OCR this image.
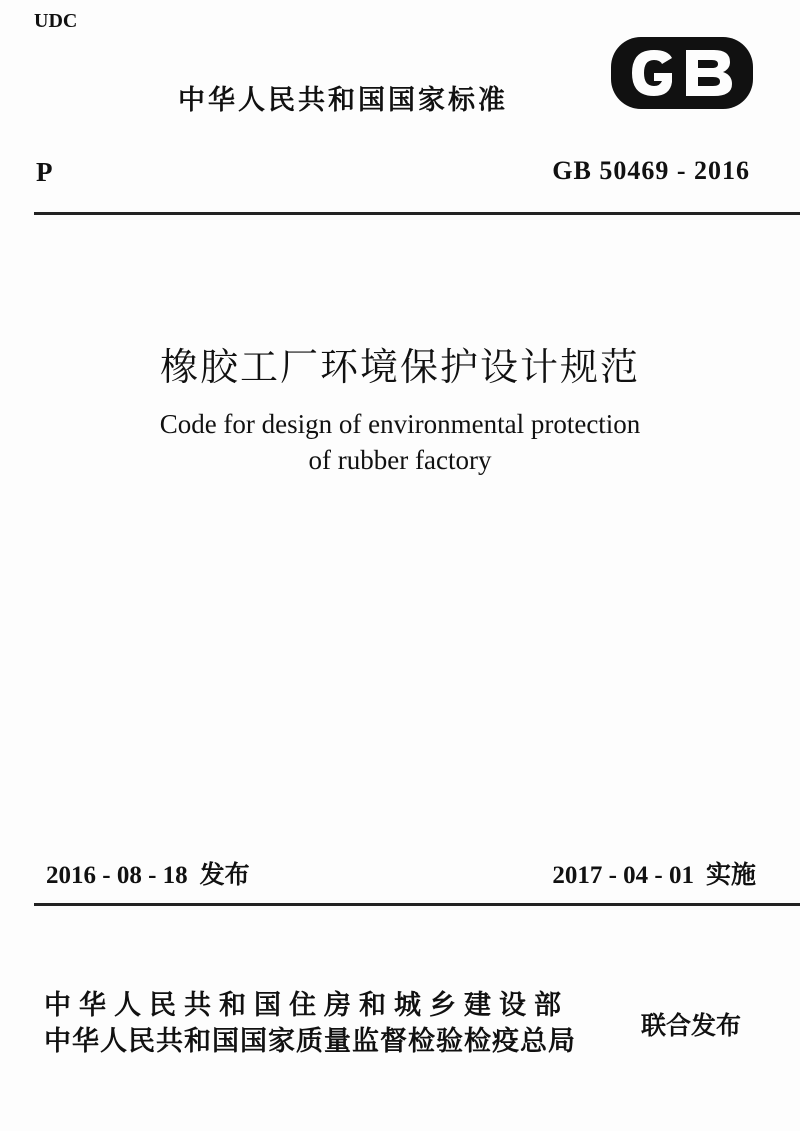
UDC
中华人民共和国国家标准
P	GB 50469 - 2016
橡胶工厂环境保护设计规范
Code for design of environmental protection
of rubber factory
2016 - 08 - 18 发布	2017 - 04 - 01 实施
中华人民共和国住房和城乡建设部
中华人民共和国国家质量监督检验检疫总局
联合发布
